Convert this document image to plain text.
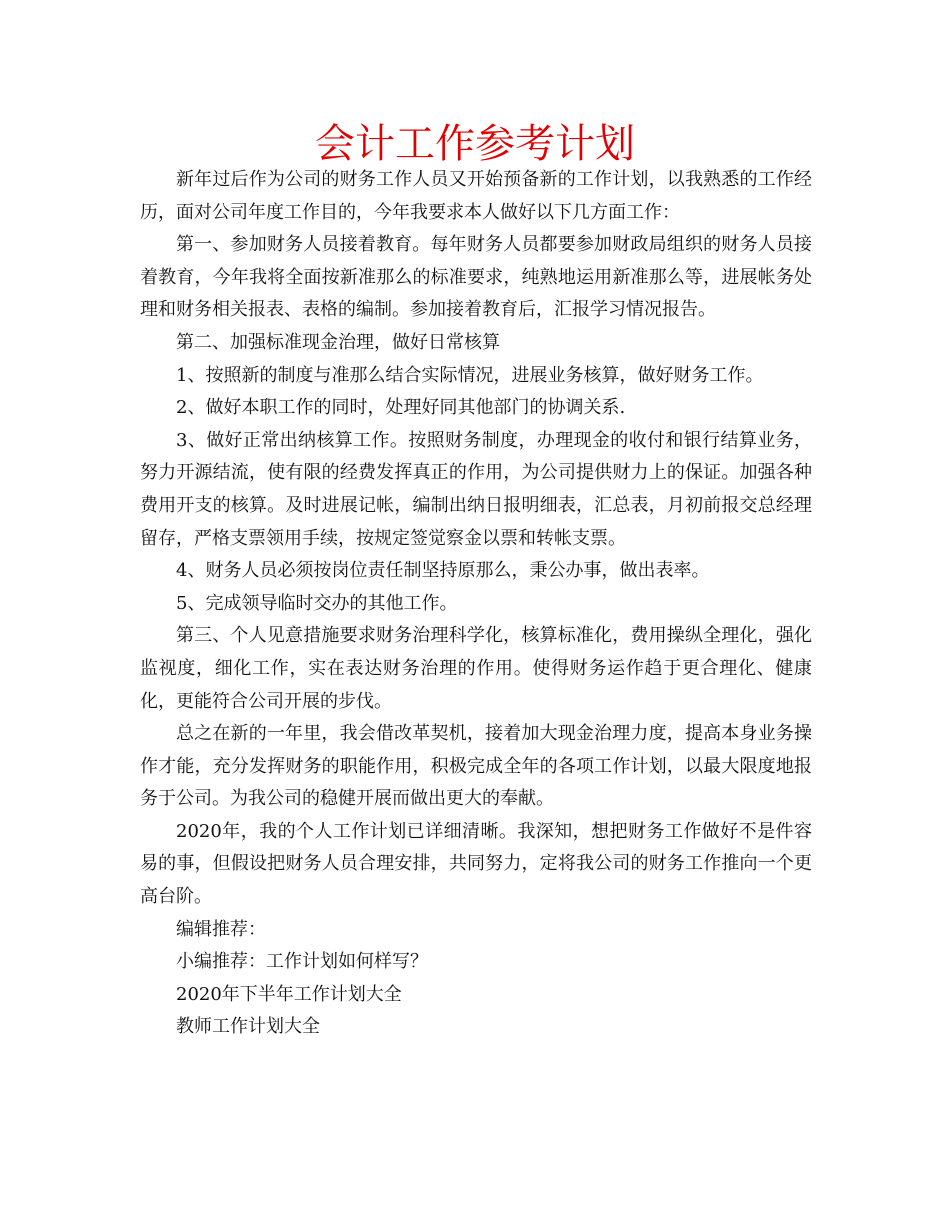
会计工作参考计划

新年过后作为公司的财务工作人员又开始预备新的工作计划，以我熟悉的工作经历，面对公司年度工作目的，今年我要求本人做好以下几方面工作：

第一、参加财务人员接着教育。每年财务人员都要参加财政局组织的财务人员接着教育，今年我将全面按新准那么的标准要求，纯熟地运用新准那么等，进展帐务处理和财务相关报表、表格的编制。参加接着教育后，汇报学习情况报告。

第二、加强标准现金治理，做好日常核算

1、按照新的制度与准那么结合实际情况，进展业务核算，做好财务工作。

2、做好本职工作的同时，处理好同其他部门的协调关系.

3、做好正常出纳核算工作。按照财务制度，办理现金的收付和银行结算业务，努力开源结流，使有限的经费发挥真正的作用，为公司提供财力上的保证。加强各种费用开支的核算。及时进展记帐，编制出纳日报明细表，汇总表，月初前报交总经理留存，严格支票领用手续，按规定签觉察金以票和转帐支票。

4、财务人员必须按岗位责任制坚持原那么，秉公办事，做出表率。

5、完成领导临时交办的其他工作。

第三、个人见意措施要求财务治理科学化，核算标准化，费用操纵全理化，强化监视度，细化工作，实在表达财务治理的作用。使得财务运作趋于更合理化、健康化，更能符合公司开展的步伐。

总之在新的一年里，我会借改革契机，接着加大现金治理力度，提高本身业务操作才能，充分发挥财务的职能作用，积极完成全年的各项工作计划，以最大限度地报务于公司。为我公司的稳健开展而做出更大的奉献。

2020年，我的个人工作计划已详细清晰。我深知，想把财务工作做好不是件容易的事，但假设把财务人员合理安排，共同努力，定将我公司的财务工作推向一个更高台阶。

编辑推荐：

小编推荐：工作计划如何样写？

2020年下半年工作计划大全

教师工作计划大全
